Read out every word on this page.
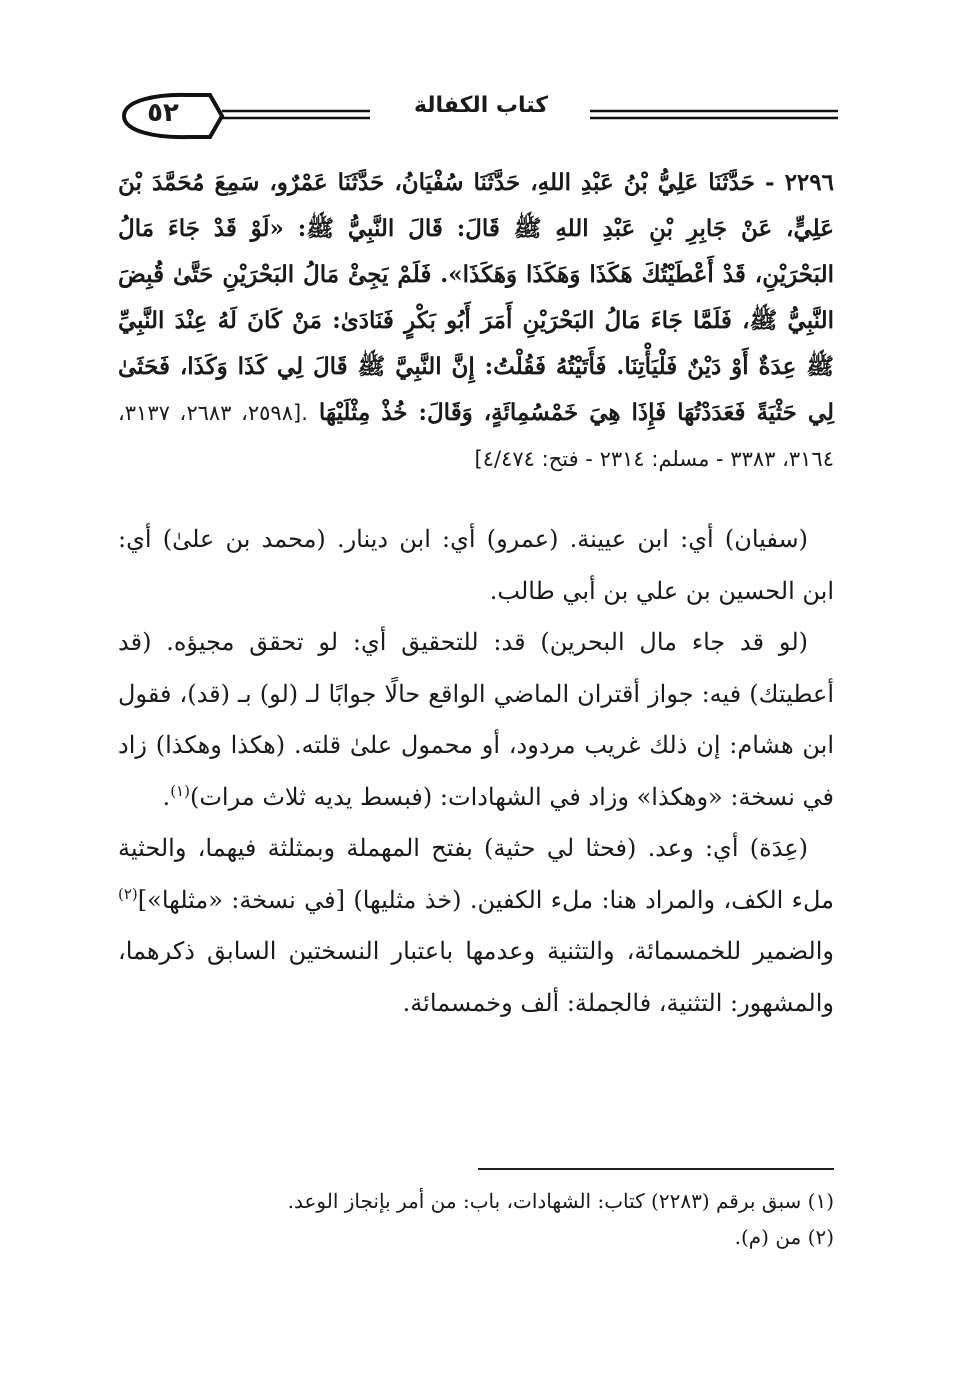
٥٢	كتاب الكفالة
٢٢٩٦ - حَدَّثَنَا عَلِيُّ بْنُ عَبْدِ اللهِ، حَدَّثَنَا سُفْيَانُ، حَدَّثَنَا عَمْرٌو، سَمِعَ مُحَمَّدَ بْنَ عَلِيٍّ، عَنْ جَابِرِ بْنِ عَبْدِ اللهِ ﷺ قَالَ: قَالَ النَّبِيُّ ﷺ: «لَوْ قَدْ جَاءَ مَالُ البَحْرَيْنِ، قَدْ أَعْطَيْتُكَ هَكَذَا وَهَكَذَا وَهَكَذَا». فَلَمْ يَجِئْ مَالُ البَحْرَيْنِ حَتَّىٰ قُبِضَ النَّبِيُّ ﷺ، فَلَمَّا جَاءَ مَالُ البَحْرَيْنِ أَمَرَ أَبُو بَكْرٍ فَنَادَىٰ: مَنْ كَانَ لَهُ عِنْدَ النَّبِيِّ ﷺ عِدَةٌ أَوْ دَيْنٌ فَلْيَأْتِنَا. فَأَتَيْتُهُ فَقُلْتُ: إِنَّ النَّبِيَّ ﷺ قَالَ لِي كَذَا وَكَذَا، فَحَثَىٰ لِي حَثْيَةً فَعَدَدْتُهَا فَإِذَا هِيَ خَمْسُمِائَةٍ، وَقَالَ: خُذْ مِثْلَيْهَا .[٢٥٩٨، ٢٦٨٣، ٣١٣٧، ٣١٦٤، ٣٣٨٣ - مسلم: ٢٣١٤ - فتح: ٤/٤٧٤]

(سفيان) أي: ابن عيينة. (عمرو) أي: ابن دينار. (محمد بن علىٰ) أي: ابن الحسين بن علي بن أبي طالب.

(لو قد جاء مال البحرين) قد: للتحقيق أي: لو تحقق مجيؤه. (قد أعطيتك) فيه: جواز أقتران الماضي الواقع حالًا جوابًا لـ (لو) بـ (قد)، فقول ابن هشام: إن ذلك غريب مردود، أو محمول علىٰ قلته. (هكذا وهكذا) زاد في نسخة: «وهكذا» وزاد في الشهادات: (فبسط يديه ثلاث مرات)$^{(١)}$.

(عِدَة) أي: وعد. (فحثا لي حثية) بفتح المهملة وبمثلثة فيهما، والحثية ملء الكف، والمراد هنا: ملء الكفين. (خذ مثليها) [في نسخة: «مثلها»]$^{(٢)}$ والضمير للخمسمائة، والتثنية وعدمها باعتبار النسختين السابق ذكرهما، والمشهور: التثنية، فالجملة: ألف وخمسمائة.

(١) سبق برقم (٢٢٨٣) كتاب: الشهادات، باب: من أمر بإنجاز الوعد.
(٢) من (م).
